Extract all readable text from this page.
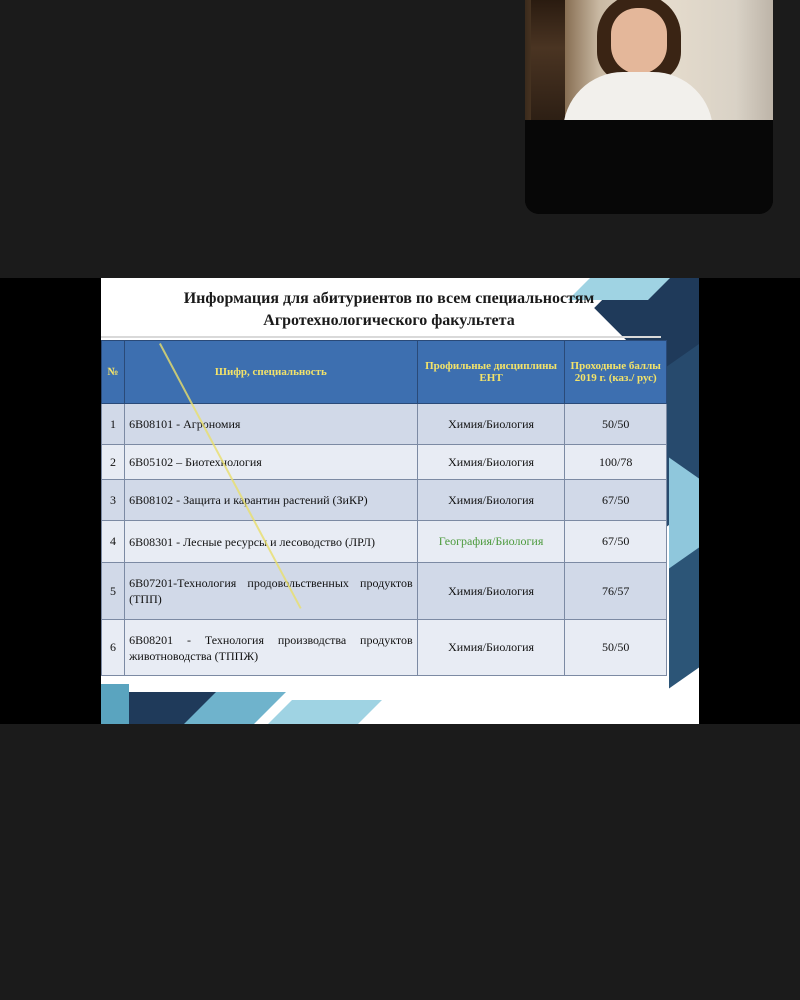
Информация для абитуриентов по всем специальностям
Агротехнологического факультета
№	Шифр, специальность	Профильные дисциплины ЕНТ	Проходные баллы 2019 г. (каз./ рус)
1	6В08101 - Агрономия	Химия/Биология	50/50
2	6В05102 – Биотехнология	Химия/Биология	100/78
3	6В08102 - Защита и карантин растений (ЗиКР)	Химия/Биология	67/50
4	6В08301 - Лесные ресурсы и лесоводство (ЛРЛ)	География/Биология	67/50
5	6В07201-Технология продовольственных продуктов (ТПП)	Химия/Биология	76/57
6	6В08201 - Технология производства продуктов животноводства (ТППЖ)	Химия/Биология	50/50
